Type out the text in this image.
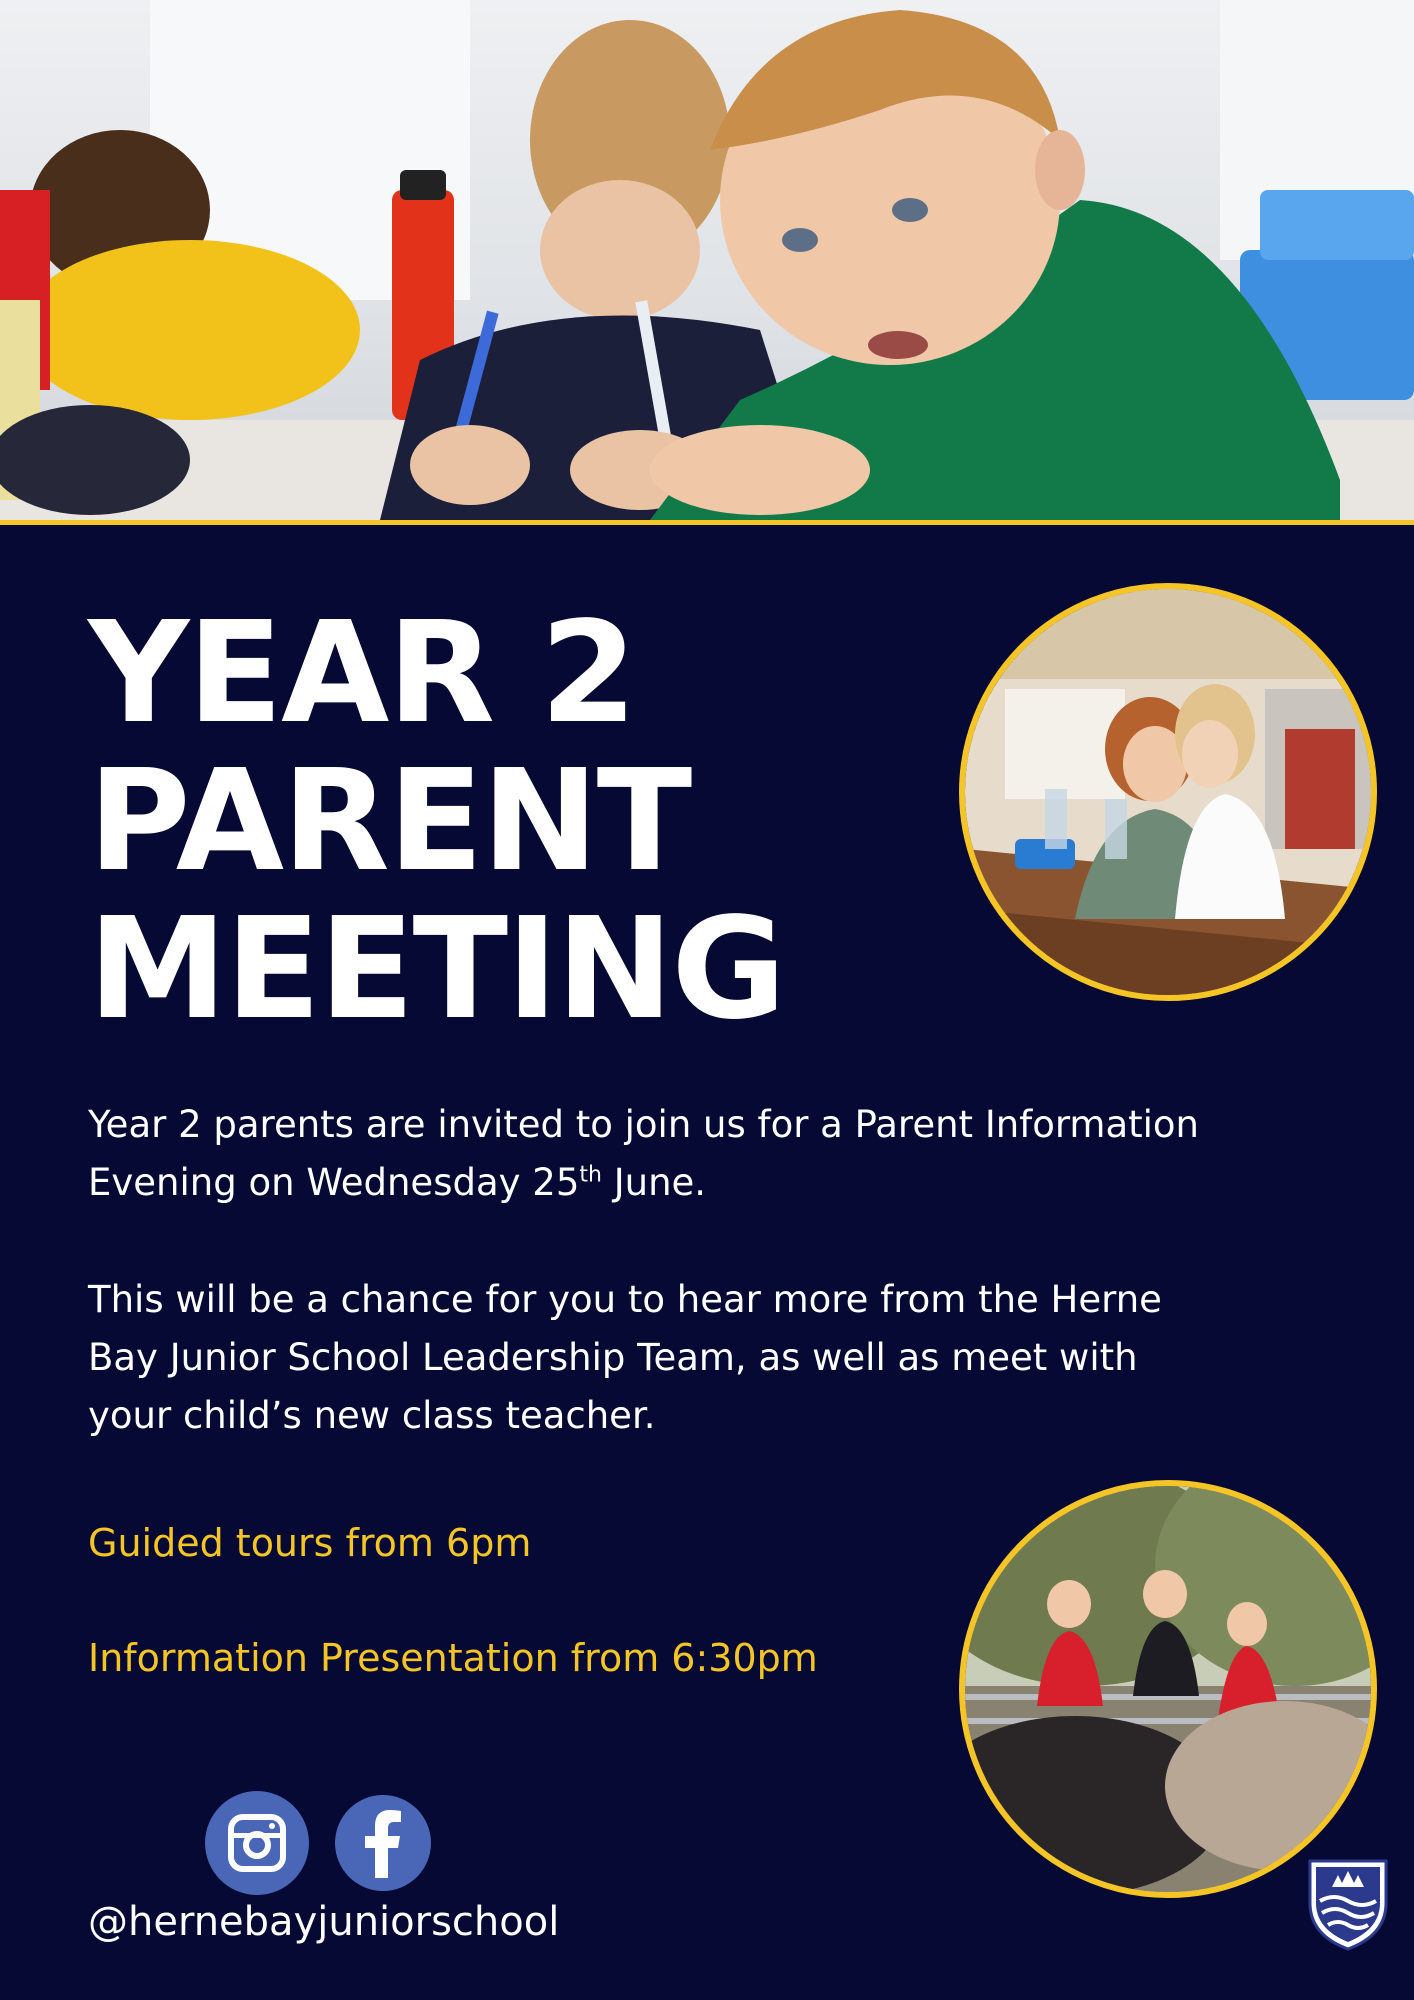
YEAR 2
PARENT
MEETING
Year 2 parents are invited to join us for a Parent Information Evening on Wednesday 25th June.
This will be a chance for you to hear more from the Herne Bay Junior School Leadership Team, as well as meet with your child’s new class teacher.
Guided tours from 6pm
Information Presentation from 6:30pm
@hernebayjuniorschool
